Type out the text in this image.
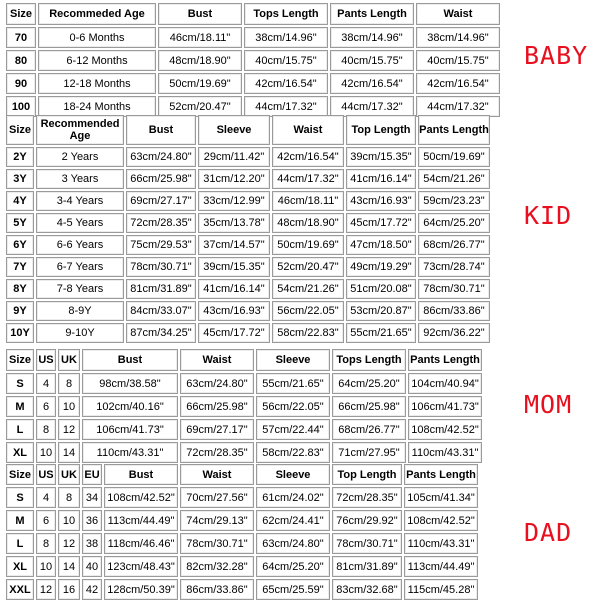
Size	Recommeded Age	Bust	Tops Length	Pants Length	Waist
70	0-6 Months	46cm/18.11"	38cm/14.96"	38cm/14.96"	38cm/14.96"
80	6-12 Months	48cm/18.90"	40cm/15.75"	40cm/15.75"	40cm/15.75"
90	12-18 Months	50cm/19.69"	42cm/16.54"	42cm/16.54"	42cm/16.54"
100	18-24 Months	52cm/20.47"	44cm/17.32"	44cm/17.32"	44cm/17.32"
BABY
Size	Recommended Age	Bust	Sleeve	Waist	Top Length	Pants Length
2Y	2 Years	63cm/24.80"	29cm/11.42"	42cm/16.54"	39cm/15.35"	50cm/19.69"
3Y	3 Years	66cm/25.98"	31cm/12.20"	44cm/17.32"	41cm/16.14"	54cm/21.26"
4Y	3-4 Years	69cm/27.17"	33cm/12.99"	46cm/18.11"	43cm/16.93"	59cm/23.23"
5Y	4-5 Years	72cm/28.35"	35cm/13.78"	48cm/18.90"	45cm/17.72"	64cm/25.20"
6Y	6-6 Years	75cm/29.53"	37cm/14.57"	50cm/19.69"	47cm/18.50"	68cm/26.77"
7Y	6-7 Years	78cm/30.71"	39cm/15.35"	52cm/20.47"	49cm/19.29"	73cm/28.74"
8Y	7-8 Years	81cm/31.89"	41cm/16.14"	54cm/21.26"	51cm/20.08"	78cm/30.71"
9Y	8-9Y	84cm/33.07"	43cm/16.93"	56cm/22.05"	53cm/20.87"	86cm/33.86"
10Y	9-10Y	87cm/34.25"	45cm/17.72"	58cm/22.83"	55cm/21.65"	92cm/36.22"
KID
Size	US	UK	Bust	Waist	Sleeve	Tops Length	Pants Length
S	4	8	98cm/38.58"	63cm/24.80"	55cm/21.65"	64cm/25.20"	104cm/40.94"
M	6	10	102cm/40.16"	66cm/25.98"	56cm/22.05"	66cm/25.98"	106cm/41.73"
L	8	12	106cm/41.73"	69cm/27.17"	57cm/22.44"	68cm/26.77"	108cm/42.52"
XL	10	14	110cm/43.31"	72cm/28.35"	58cm/22.83"	71cm/27.95"	110cm/43.31"
MOM
Size	US	UK	EU	Bust	Waist	Sleeve	Top Length	Pants Length
S	4	8	34	108cm/42.52"	70cm/27.56"	61cm/24.02"	72cm/28.35"	105cm/41.34"
M	6	10	36	113cm/44.49"	74cm/29.13"	62cm/24.41"	76cm/29.92"	108cm/42.52"
L	8	12	38	118cm/46.46"	78cm/30.71"	63cm/24.80"	78cm/30.71"	110cm/43.31"
XL	10	14	40	123cm/48.43"	82cm/32.28"	64cm/25.20"	81cm/31.89"	113cm/44.49"
XXL	12	16	42	128cm/50.39"	86cm/33.86"	65cm/25.59"	83cm/32.68"	115cm/45.28"
DAD
